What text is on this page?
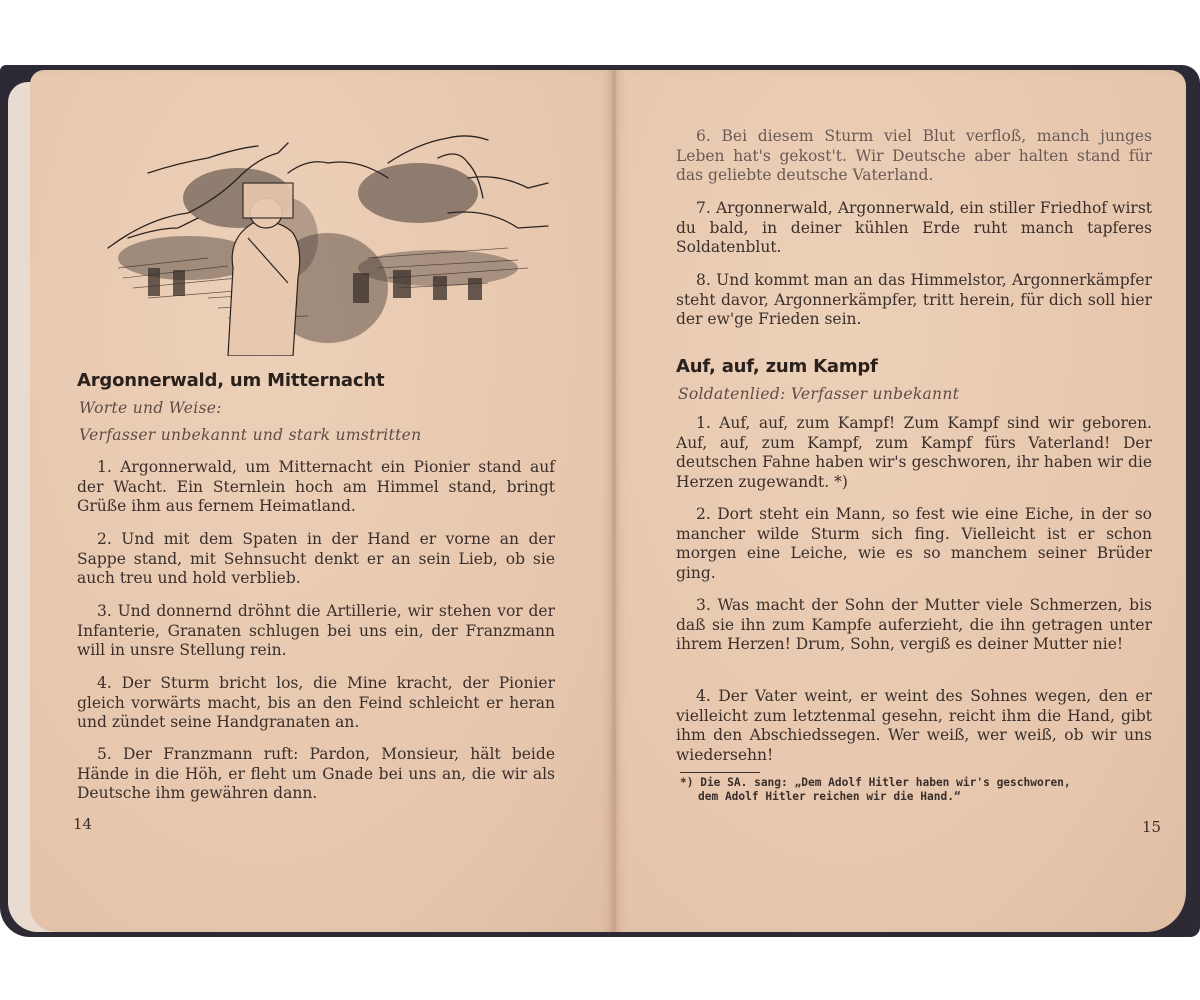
Argonnerwald, um Mitternacht
Worte und Weise:
Verfasser unbekannt und stark umstritten

1. Argonnerwald, um Mitternacht ein Pionier stand auf der Wacht. Ein Sternlein hoch am Himmel stand, bringt Grüße ihm aus fernem Heimatland.

2. Und mit dem Spaten in der Hand er vorne an der Sappe stand, mit Sehnsucht denkt er an sein Lieb, ob sie auch treu und hold verblieb.

3. Und donnernd dröhnt die Artillerie, wir stehen vor der Infanterie, Granaten schlugen bei uns ein, der Franzmann will in unsre Stellung rein.

4. Der Sturm bricht los, die Mine kracht, der Pionier gleich vorwärts macht, bis an den Feind schleicht er heran und zündet seine Handgranaten an.

5. Der Franzmann ruft: Pardon, Monsieur, hält beide Hände in die Höh, er fleht um Gnade bei uns an, die wir als Deutsche ihm gewähren dann.

14

6. Bei diesem Sturm viel Blut verfloß, manch junges Leben hat's gekost't. Wir Deutsche aber halten stand für das geliebte deutsche Vaterland.

7. Argonnerwald, Argonnerwald, ein stiller Friedhof wirst du bald, in deiner kühlen Erde ruht manch tapferes Soldatenblut.

8. Und kommt man an das Himmelstor, Argonnerkämpfer steht davor, Argonnerkämpfer, tritt herein, für dich soll hier der ew'ge Frieden sein.

Auf, auf, zum Kampf
Soldatenlied: Verfasser unbekannt

1. Auf, auf, zum Kampf! Zum Kampf sind wir geboren. Auf, auf, zum Kampf, zum Kampf fürs Vaterland! Der deutschen Fahne haben wir's geschworen, ihr haben wir die Herzen zugewandt. *)

2. Dort steht ein Mann, so fest wie eine Eiche, in der so mancher wilde Sturm sich fing. Vielleicht ist er schon morgen eine Leiche, wie es so manchem seiner Brüder ging.

3. Was macht der Sohn der Mutter viele Schmerzen, bis daß sie ihn zum Kampfe auferzieht, die ihn getragen unter ihrem Herzen! Drum, Sohn, vergiß es deiner Mutter nie!

4. Der Vater weint, er weint des Sohnes wegen, den er vielleicht zum letztenmal gesehn, reicht ihm die Hand, gibt ihm den Abschiedssegen. Wer weiß, wer weiß, ob wir uns wiedersehn!

*) Die SA. sang: „Dem Adolf Hitler haben wir's geschworen,
dem Adolf Hitler reichen wir die Hand.“
15
